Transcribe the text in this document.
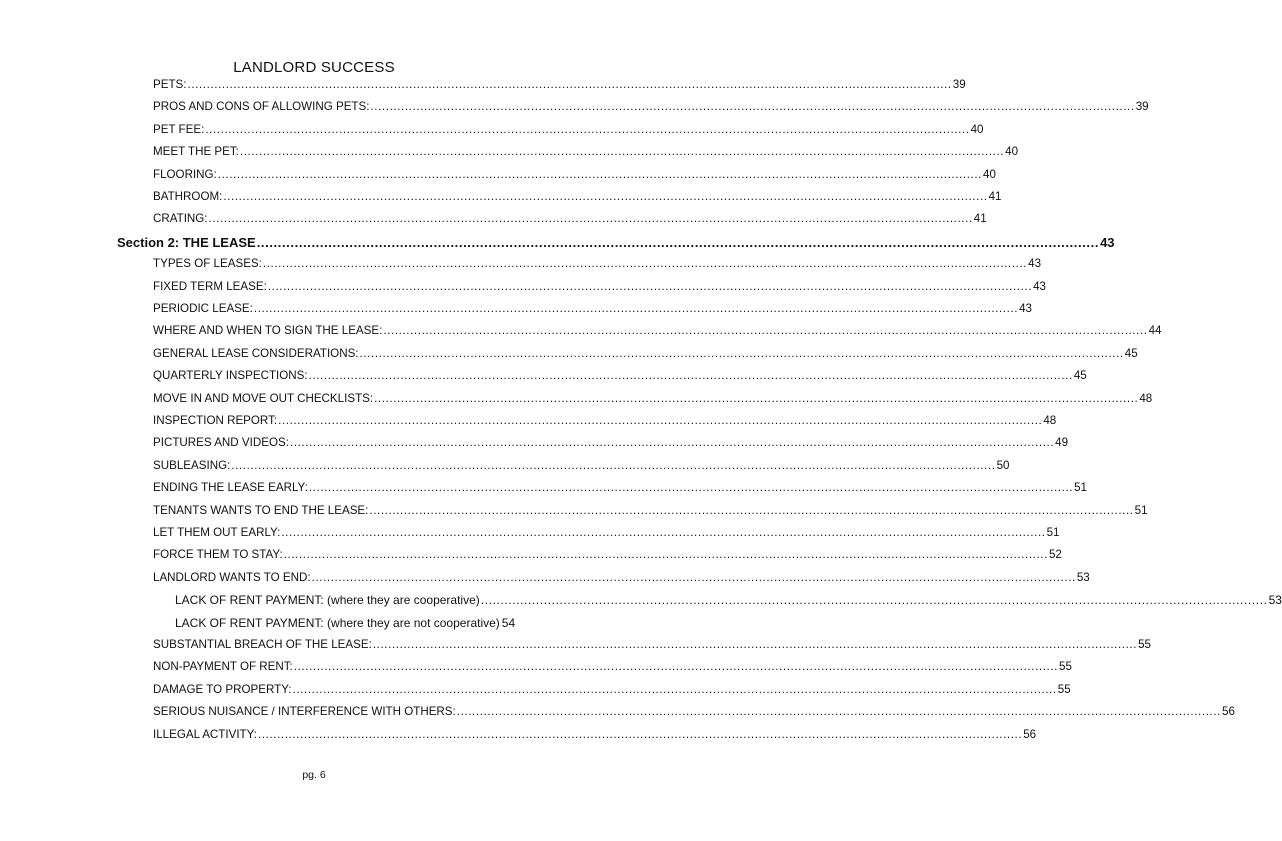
LANDLORD SUCCESS
PETS: ........................................................................................................................................................................................................ 39
PROS AND CONS OF ALLOWING PETS: ........................................................................................................................................................................................................ 39
PET FEE: ........................................................................................................................................................................................................ 40
MEET THE PET: ........................................................................................................................................................................................................ 40
FLOORING: ........................................................................................................................................................................................................ 40
BATHROOM: ........................................................................................................................................................................................................ 41
CRATING: ........................................................................................................................................................................................................ 41
Section 2: THE LEASE ........................................................................................................................................................................................................ 43
TYPES OF LEASES: ........................................................................................................................................................................................................ 43
FIXED TERM LEASE: ........................................................................................................................................................................................................ 43
PERIODIC LEASE: ........................................................................................................................................................................................................ 43
WHERE AND WHEN TO SIGN THE LEASE: ........................................................................................................................................................................................................ 44
GENERAL LEASE CONSIDERATIONS: ........................................................................................................................................................................................................ 45
QUARTERLY INSPECTIONS: ........................................................................................................................................................................................................ 45
MOVE IN AND MOVE OUT CHECKLISTS: ........................................................................................................................................................................................................ 48
INSPECTION REPORT: ........................................................................................................................................................................................................ 48
PICTURES AND VIDEOS: ........................................................................................................................................................................................................ 49
SUBLEASING: ........................................................................................................................................................................................................ 50
ENDING THE LEASE EARLY: ........................................................................................................................................................................................................ 51
TENANTS WANTS TO END THE LEASE: ........................................................................................................................................................................................................ 51
LET THEM OUT EARLY: ........................................................................................................................................................................................................ 51
FORCE THEM TO STAY: ........................................................................................................................................................................................................ 52
LANDLORD WANTS TO END: ........................................................................................................................................................................................................ 53
LACK OF RENT PAYMENT: (where they are cooperative) ........................................................................................................................................................................................................ 53
LACK OF RENT PAYMENT: (where they are not cooperative) 54
SUBSTANTIAL BREACH OF THE LEASE: ........................................................................................................................................................................................................ 55
NON-PAYMENT OF RENT: ........................................................................................................................................................................................................ 55
DAMAGE TO PROPERTY: ........................................................................................................................................................................................................ 55
SERIOUS NUISANCE / INTERFERENCE WITH OTHERS: ........................................................................................................................................................................................................ 56
ILLEGAL ACTIVITY: ........................................................................................................................................................................................................ 56
pg. 6
